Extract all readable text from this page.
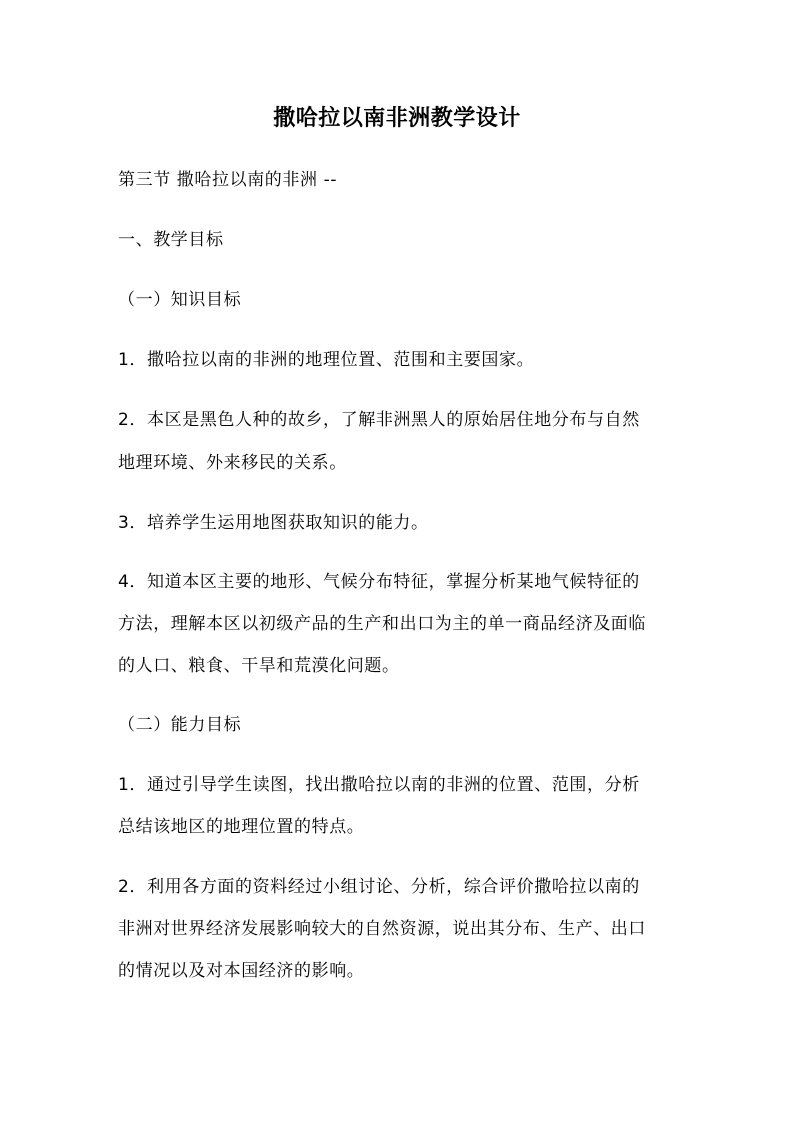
撒哈拉以南非洲教学设计
第三节 撒哈拉以南的非洲 --
一、教学目标
（一）知识目标
1．撒哈拉以南的非洲的地理位置、范围和主要国家。
2．本区是黑色人种的故乡，了解非洲黑人的原始居住地分布与自然
地理环境、外来移民的关系。
3．培养学生运用地图获取知识的能力。
4．知道本区主要的地形、气候分布特征，掌握分析某地气候特征的
方法，理解本区以初级产品的生产和出口为主的单一商品经济及面临
的人口、粮食、干旱和荒漠化问题。
（二）能力目标
1．通过引导学生读图，找出撒哈拉以南的非洲的位置、范围，分析
总结该地区的地理位置的特点。
2．利用各方面的资料经过小组讨论、分析，综合评价撒哈拉以南的
非洲对世界经济发展影响较大的自然资源，说出其分布、生产、出口
的情况以及对本国经济的影响。
